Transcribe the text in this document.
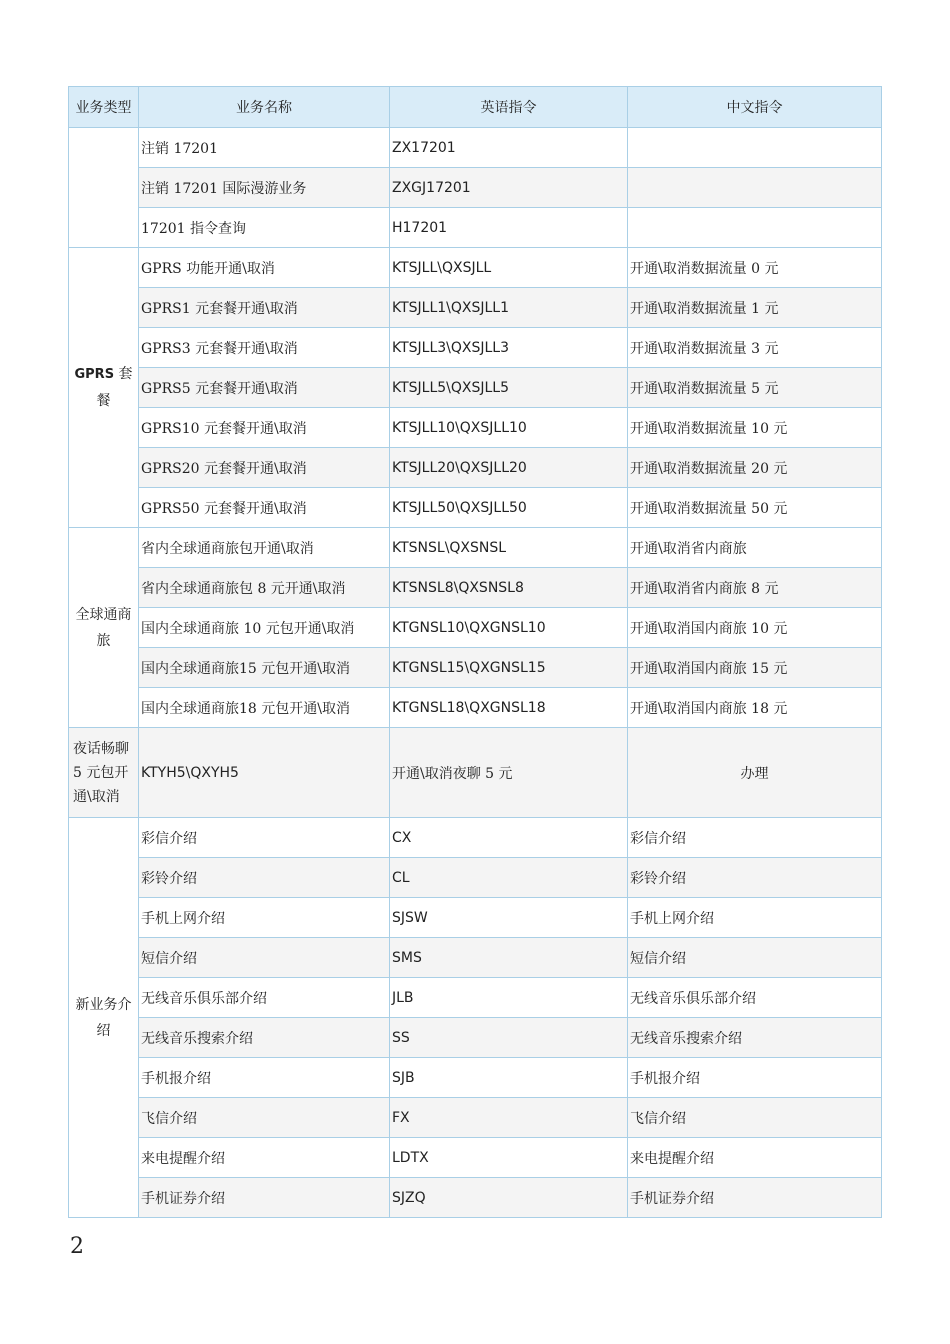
业务类型	业务名称	英语指令	中文指令
	注销 17201	ZX17201	
	注销 17201 国际漫游业务	ZXGJ17201	
	17201 指令查询	H17201	
GPRS 套餐	GPRS 功能开通\取消	KTSJLL\QXSJLL	开通\取消数据流量 0 元
	GPRS1 元套餐开通\取消	KTSJLL1\QXSJLL1	开通\取消数据流量 1 元
	GPRS3 元套餐开通\取消	KTSJLL3\QXSJLL3	开通\取消数据流量 3 元
	GPRS5 元套餐开通\取消	KTSJLL5\QXSJLL5	开通\取消数据流量 5 元
	GPRS10 元套餐开通\取消	KTSJLL10\QXSJLL10	开通\取消数据流量 10 元
	GPRS20 元套餐开通\取消	KTSJLL20\QXSJLL20	开通\取消数据流量 20 元
	GPRS50 元套餐开通\取消	KTSJLL50\QXSJLL50	开通\取消数据流量 50 元
全球通商旅	省内全球通商旅包开通\取消	KTSNSL\QXSNSL	开通\取消省内商旅
	省内全球通商旅包 8 元开通\取消	KTSNSL8\QXSNSL8	开通\取消省内商旅 8 元
	国内全球通商旅 10 元包开通\取消	KTGNSL10\QXGNSL10	开通\取消国内商旅 10 元
	国内全球通商旅15 元包开通\取消	KTGNSL15\QXGNSL15	开通\取消国内商旅 15 元
	国内全球通商旅18 元包开通\取消	KTGNSL18\QXGNSL18	开通\取消国内商旅 18 元
夜话畅聊 5 元包开通\取消	KTYH5\QXYH5	开通\取消夜聊 5 元	办理
新业务介绍	彩信介绍	CX	彩信介绍
	彩铃介绍	CL	彩铃介绍
	手机上网介绍	SJSW	手机上网介绍
	短信介绍	SMS	短信介绍
	无线音乐俱乐部介绍	JLB	无线音乐俱乐部介绍
	无线音乐搜索介绍	SS	无线音乐搜索介绍
	手机报介绍	SJB	手机报介绍
	飞信介绍	FX	飞信介绍
	来电提醒介绍	LDTX	来电提醒介绍
	手机证券介绍	SJZQ	手机证券介绍
2
